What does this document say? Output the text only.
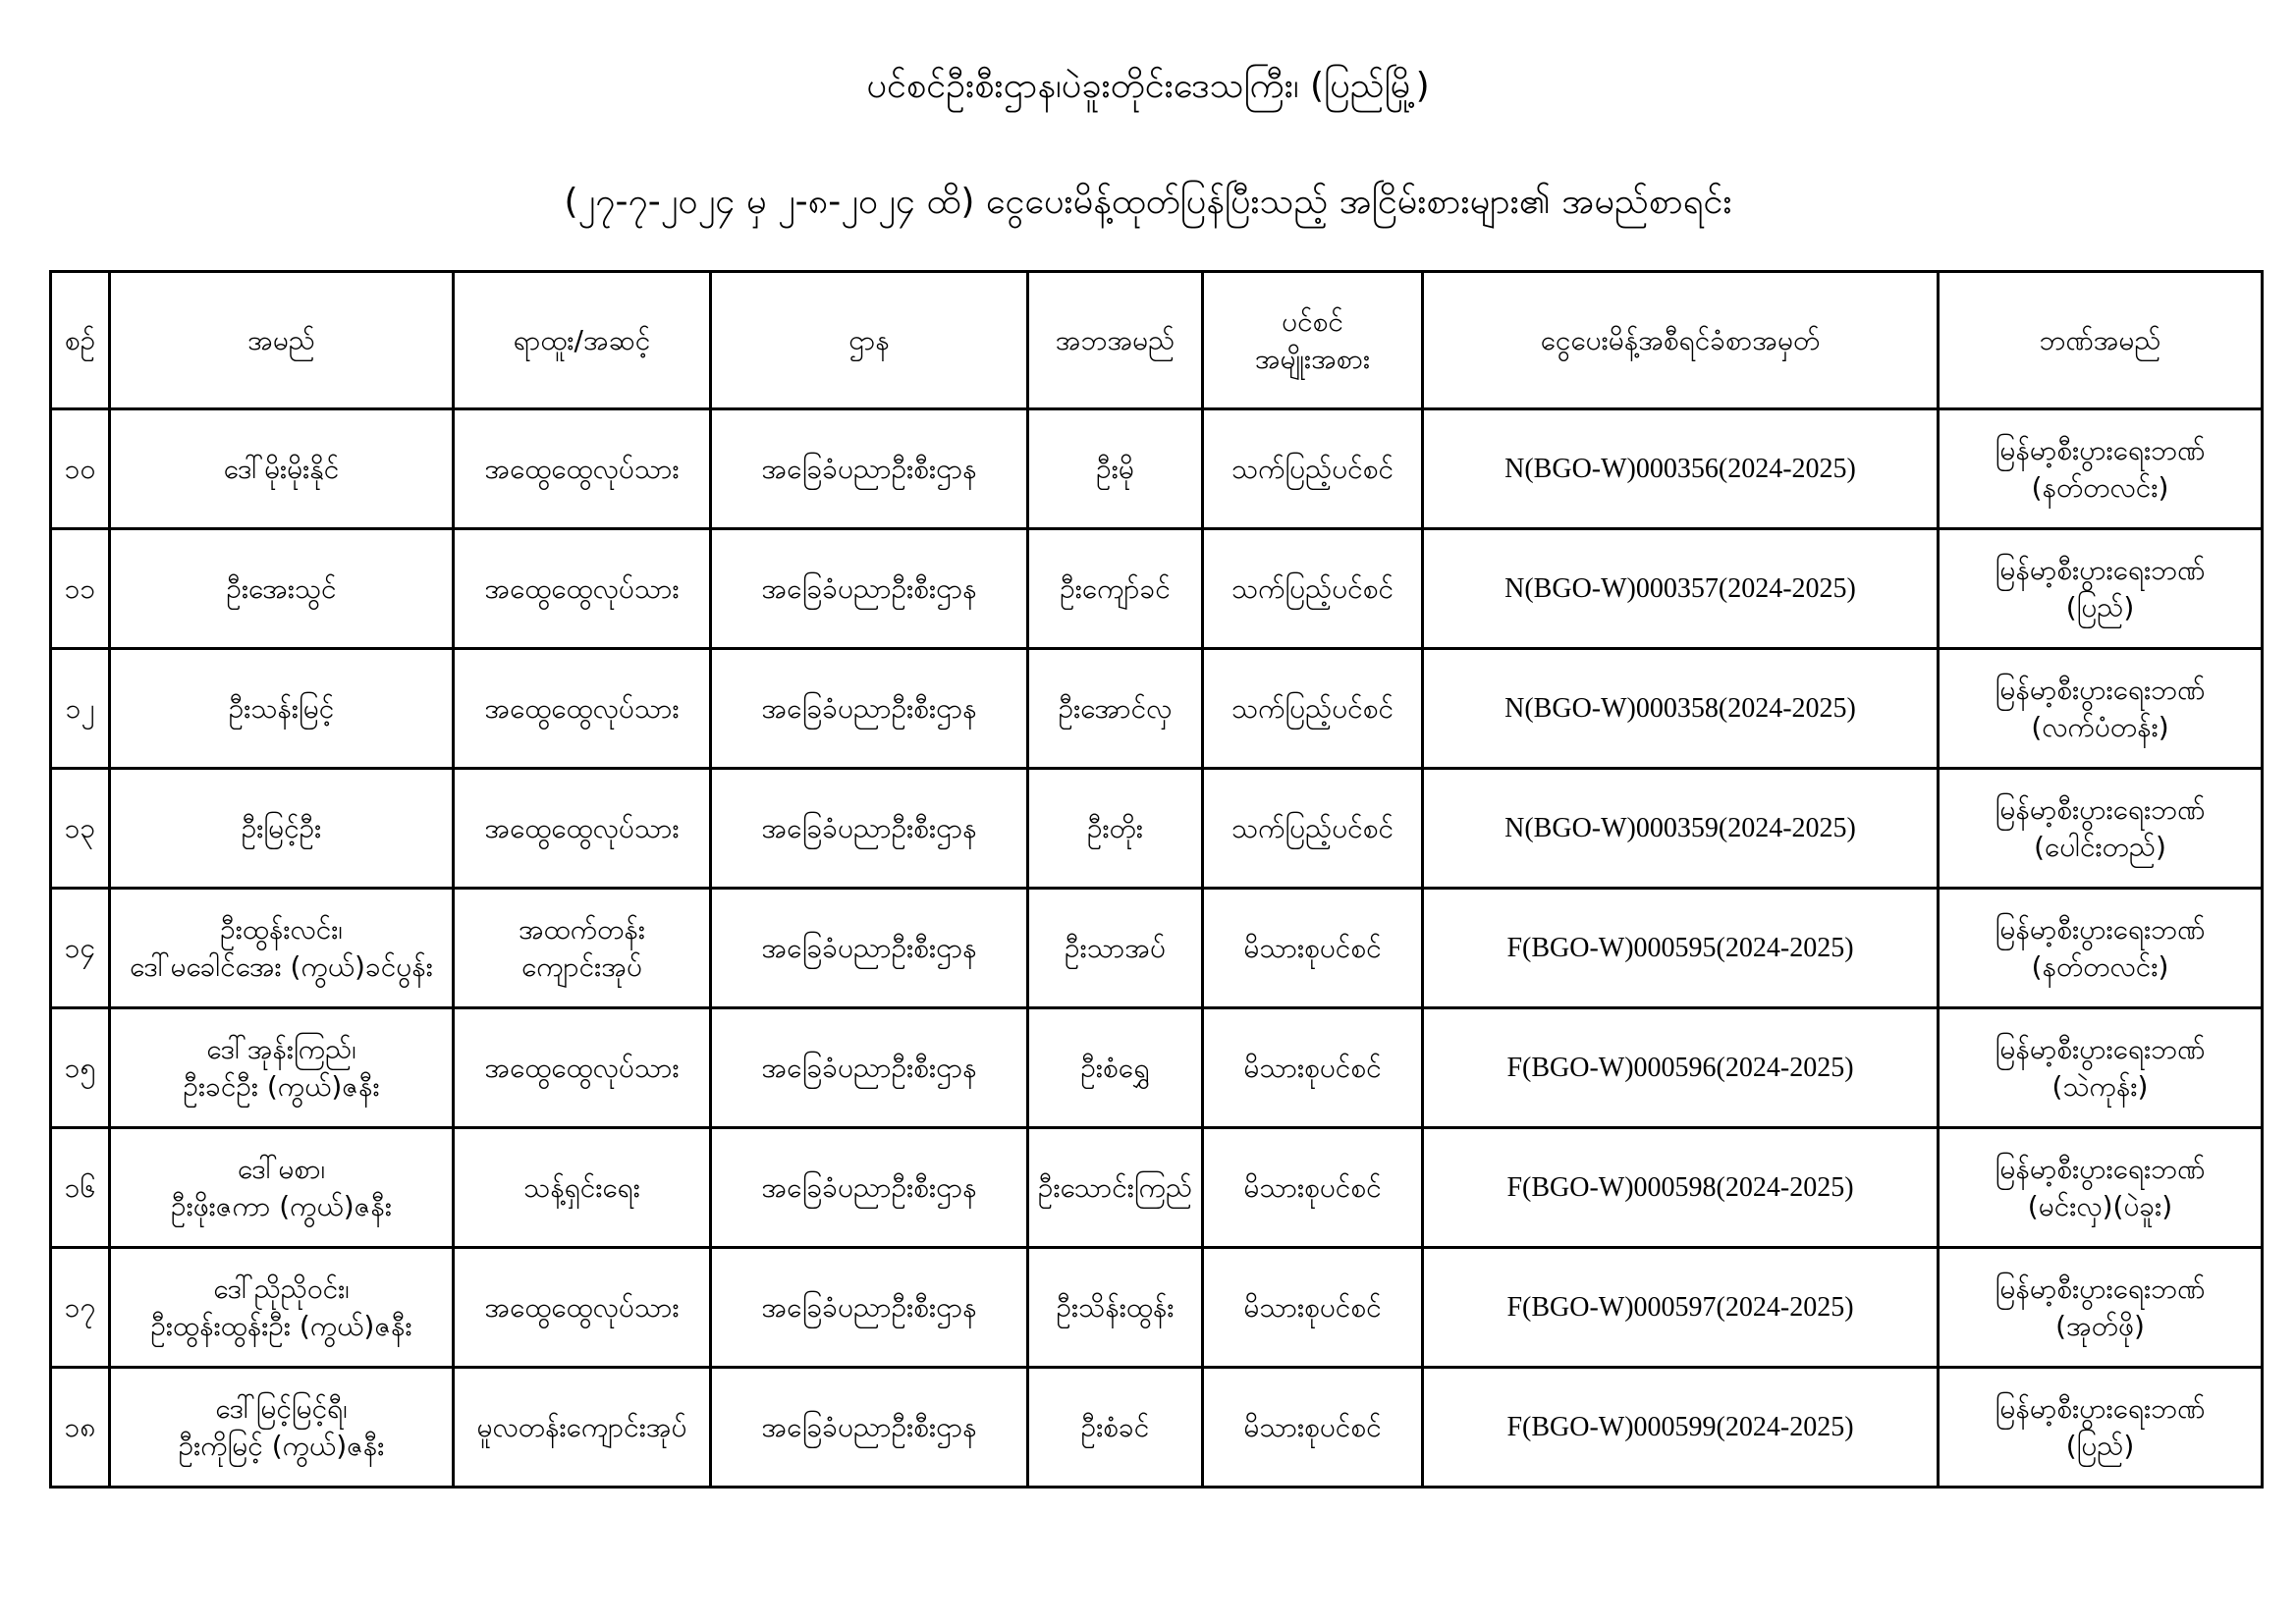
ပင်စင်ဦးစီးဌာန၊ပဲခူးတိုင်းဒေသကြီး၊ (ပြည်မြို့)
(၂၇-၇-၂၀၂၄ မှ ၂-၈-၂၀၂၄ ထိ) ငွေပေးမိန့်ထုတ်ပြန်ပြီးသည့် အငြိမ်းစားများ၏ အမည်စာရင်း
စဉ်	အမည်	ရာထူး/အဆင့်	ဌာန	အဘအမည်	ပင်စင်
အမျိုးအစား	ငွေပေးမိန့်အစီရင်ခံစာအမှတ်	ဘဏ်အမည်
၁၀	ဒေါ်မိုးမိုးနိုင်	အထွေထွေလုပ်သား	အခြေခံပညာဦးစီးဌာန	ဦးမို	သက်ပြည့်ပင်စင်	N(BGO-W)000356(2024-2025)	မြန်မာ့စီးပွားရေးဘဏ်
(နတ်တလင်း)
၁၁	ဦးအေးသွင်	အထွေထွေလုပ်သား	အခြေခံပညာဦးစီးဌာန	ဦးကျော်ခင်	သက်ပြည့်ပင်စင်	N(BGO-W)000357(2024-2025)	မြန်မာ့စီးပွားရေးဘဏ်
(ပြည်)
၁၂	ဦးသန်းမြင့်	အထွေထွေလုပ်သား	အခြေခံပညာဦးစီးဌာန	ဦးအောင်လှ	သက်ပြည့်ပင်စင်	N(BGO-W)000358(2024-2025)	မြန်မာ့စီးပွားရေးဘဏ်
(လက်ပံတန်း)
၁၃	ဦးမြင့်ဦး	အထွေထွေလုပ်သား	အခြေခံပညာဦးစီးဌာန	ဦးတိုး	သက်ပြည့်ပင်စင်	N(BGO-W)000359(2024-2025)	မြန်မာ့စီးပွားရေးဘဏ်
(ပေါင်းတည်)
၁၄	ဦးထွန်းလင်း၊
ဒေါ်မခေါင်အေး (ကွယ်)ခင်ပွန်း	အထက်တန်း
ကျောင်းအုပ်	အခြေခံပညာဦးစီးဌာန	ဦးသာအပ်	မိသားစုပင်စင်	F(BGO-W)000595(2024-2025)	မြန်မာ့စီးပွားရေးဘဏ်
(နတ်တလင်း)
၁၅	ဒေါ်အုန်းကြည်၊
ဦးခင်ဦး (ကွယ်)ဇနီး	အထွေထွေလုပ်သား	အခြေခံပညာဦးစီးဌာန	ဦးစံရွှေ	မိသားစုပင်စင်	F(BGO-W)000596(2024-2025)	မြန်မာ့စီးပွားရေးဘဏ်
(သဲကုန်း)
၁၆	ဒေါ်မစာ၊
ဦးဖိုးဇကာ (ကွယ်)ဇနီး	သန့်ရှင်းရေး	အခြေခံပညာဦးစီးဌာန	ဦးသောင်းကြည်	မိသားစုပင်စင်	F(BGO-W)000598(2024-2025)	မြန်မာ့စီးပွားရေးဘဏ်
(မင်းလှ)(ပဲခူး)
၁၇	ဒေါ်ညိုညိုဝင်း၊
ဦးထွန်းထွန်းဦး (ကွယ်)ဇနီး	အထွေထွေလုပ်သား	အခြေခံပညာဦးစီးဌာန	ဦးသိန်းထွန်း	မိသားစုပင်စင်	F(BGO-W)000597(2024-2025)	မြန်မာ့စီးပွားရေးဘဏ်
(အုတ်ဖို)
၁၈	ဒေါ်မြင့်မြင့်ရီ၊
ဦးကိုမြင့် (ကွယ်)ဇနီး	မူလတန်းကျောင်းအုပ်	အခြေခံပညာဦးစီးဌာန	ဦးစံခင်	မိသားစုပင်စင်	F(BGO-W)000599(2024-2025)	မြန်မာ့စီးပွားရေးဘဏ်
(ပြည်)
